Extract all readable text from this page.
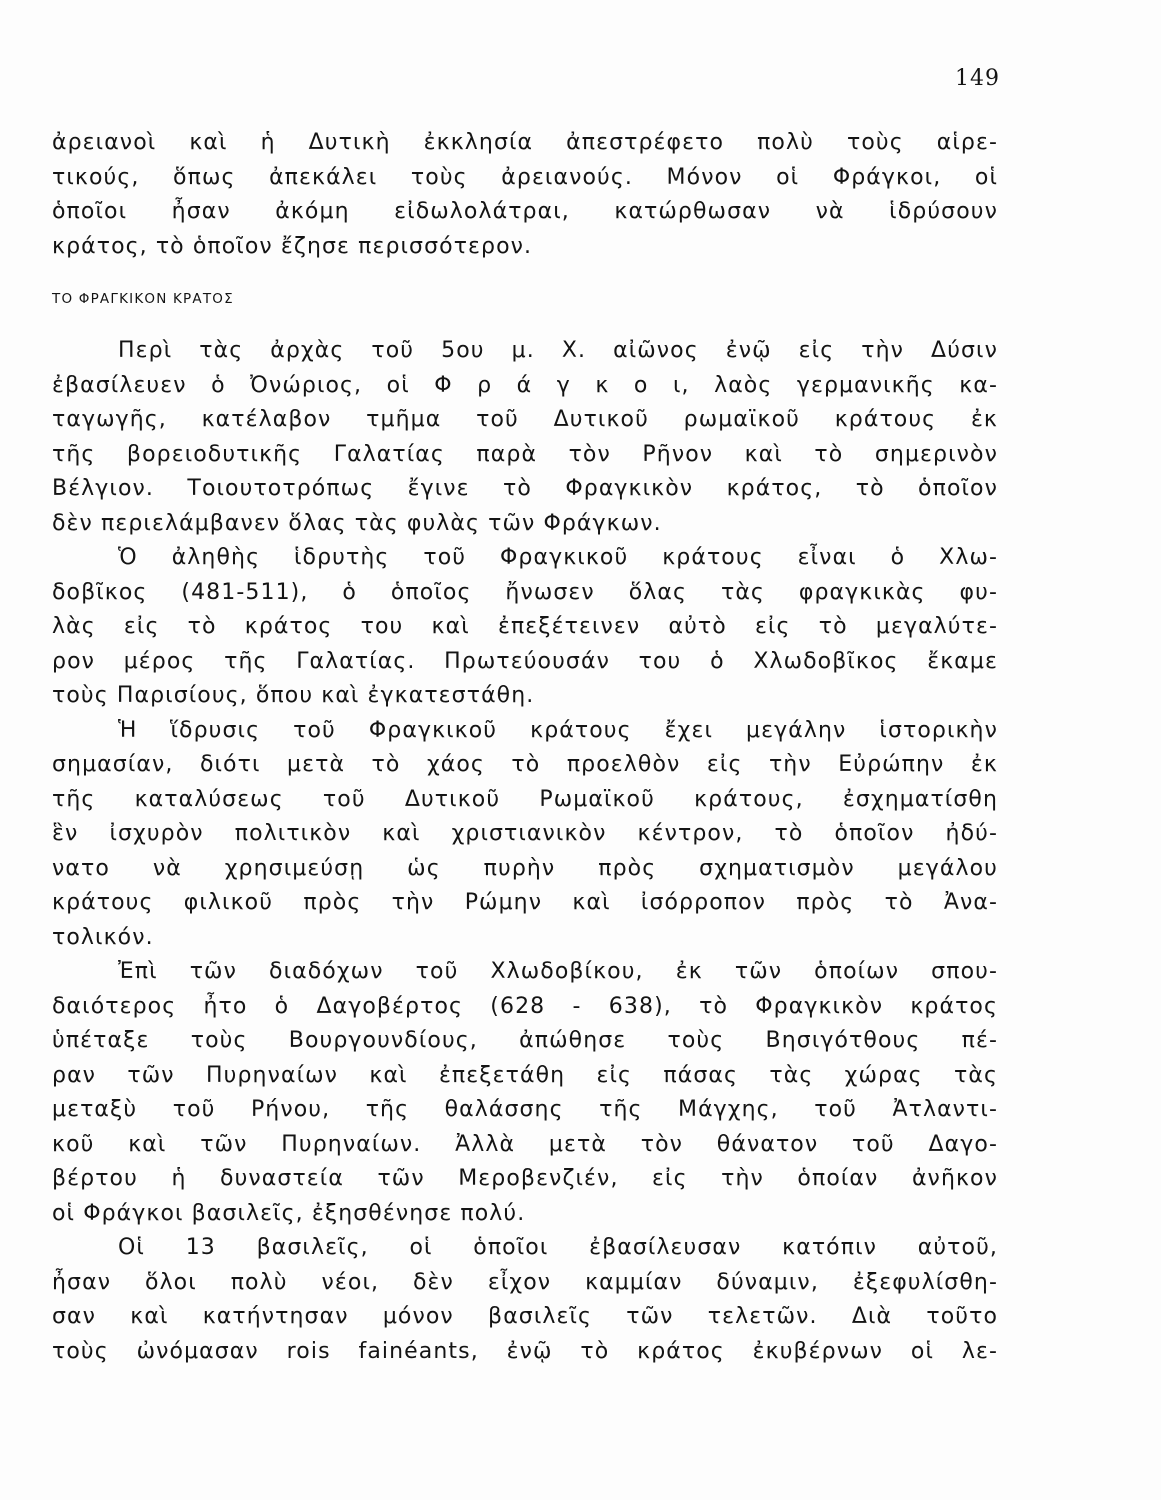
149
ἀρειανοὶ καὶ ἡ Δυτικὴ ἐκκλησία ἀπεστρέφετο πολὺ τοὺς αἱρε-
τικούς, ὅπως ἀπεκάλει τοὺς ἀρειανούς. Μόνον οἱ Φράγκοι, οἱ
ὁποῖοι ἦσαν ἀκόμη εἰδωλολάτραι, κατώρθωσαν νὰ ἱδρύσουν
κράτος, τὸ ὁποῖον ἔζησε περισσότερον.
ΤΟ ΦΡΑΓΚΙΚΟΝ ΚΡΑΤΟΣ
Περὶ τὰς ἀρχὰς τοῦ 5ου μ. Χ. αἰῶνος ἐνῷ εἰς τὴν Δύσιν
ἐβασίλευεν ὁ Ὀνώριος, οἱ Φ ρ ά γ κ ο ι, λαὸς γερμανικῆς κα-
ταγωγῆς, κατέλαβον τμῆμα τοῦ Δυτικοῦ ρωμαϊκοῦ κράτους ἐκ
τῆς βορειοδυτικῆς Γαλατίας παρὰ τὸν Ρῆνον καὶ τὸ σημερινὸν
Βέλγιον. Τοιουτοτρόπως ἔγινε τὸ Φραγκικὸν κράτος, τὸ ὁποῖον
δὲν περιελάμβανεν ὅλας τὰς φυλὰς τῶν Φράγκων.
Ὁ ἀληθὴς ἱδρυτὴς τοῦ Φραγκικοῦ κράτους εἶναι ὁ Χλω-
δοβῖκος (481-511), ὁ ὁποῖος ἤνωσεν ὅλας τὰς φραγκικὰς φυ-
λὰς εἰς τὸ κράτος του καὶ ἐπεξέτεινεν αὐτὸ εἰς τὸ μεγαλύτε-
ρον μέρος τῆς Γαλατίας. Πρωτεύουσάν του ὁ Χλωδοβῖκος ἔκαμε
τοὺς Παρισίους, ὅπου καὶ ἐγκατεστάθη.
Ἡ ἵδρυσις τοῦ Φραγκικοῦ κράτους ἔχει μεγάλην ἱστορικὴν
σημασίαν, διότι μετὰ τὸ χάος τὸ προελθὸν εἰς τὴν Εὐρώπην ἐκ
τῆς καταλύσεως τοῦ Δυτικοῦ Ρωμαϊκοῦ κράτους, ἐσχηματίσθη
ἓν ἰσχυρὸν πολιτικὸν καὶ χριστιανικὸν κέντρον, τὸ ὁποῖον ἠδύ-
νατο νὰ χρησιμεύσῃ ὡς πυρὴν πρὸς σχηματισμὸν μεγάλου
κράτους φιλικοῦ πρὸς τὴν Ρώμην καὶ ἰσόρροπον πρὸς τὸ Ἀνα-
τολικόν.
Ἐπὶ τῶν διαδόχων τοῦ Χλωδοβίκου, ἐκ τῶν ὁποίων σπου-
δαιότερος ἦτο ὁ Δαγοβέρτος (628 - 638), τὸ Φραγκικὸν κράτος
ὑπέταξε τοὺς Βουργουνδίους, ἀπώθησε τοὺς Βησιγότθους πέ-
ραν τῶν Πυρηναίων καὶ ἐπεξετάθη εἰς πάσας τὰς χώρας τὰς
μεταξὺ τοῦ Ρήνου, τῆς θαλάσσης τῆς Μάγχης, τοῦ Ἀτλαντι-
κοῦ καὶ τῶν Πυρηναίων. Ἀλλὰ μετὰ τὸν θάνατον τοῦ Δαγο-
βέρτου ἡ δυναστεία τῶν Μεροβενζιέν, εἰς τὴν ὁποίαν ἀνῆκον
οἱ Φράγκοι βασιλεῖς, ἐξησθένησε πολύ.
Οἱ 13 βασιλεῖς, οἱ ὁποῖοι ἐβασίλευσαν κατόπιν αὐτοῦ,
ἦσαν ὅλοι πολὺ νέοι, δὲν εἶχον καμμίαν δύναμιν, ἐξεφυλίσθη-
σαν καὶ κατήντησαν μόνον βασιλεῖς τῶν τελετῶν. Διὰ τοῦτο
τοὺς ὠνόμασαν rois fainéants, ἐνῷ τὸ κράτος ἐκυβέρνων οἱ λε-
